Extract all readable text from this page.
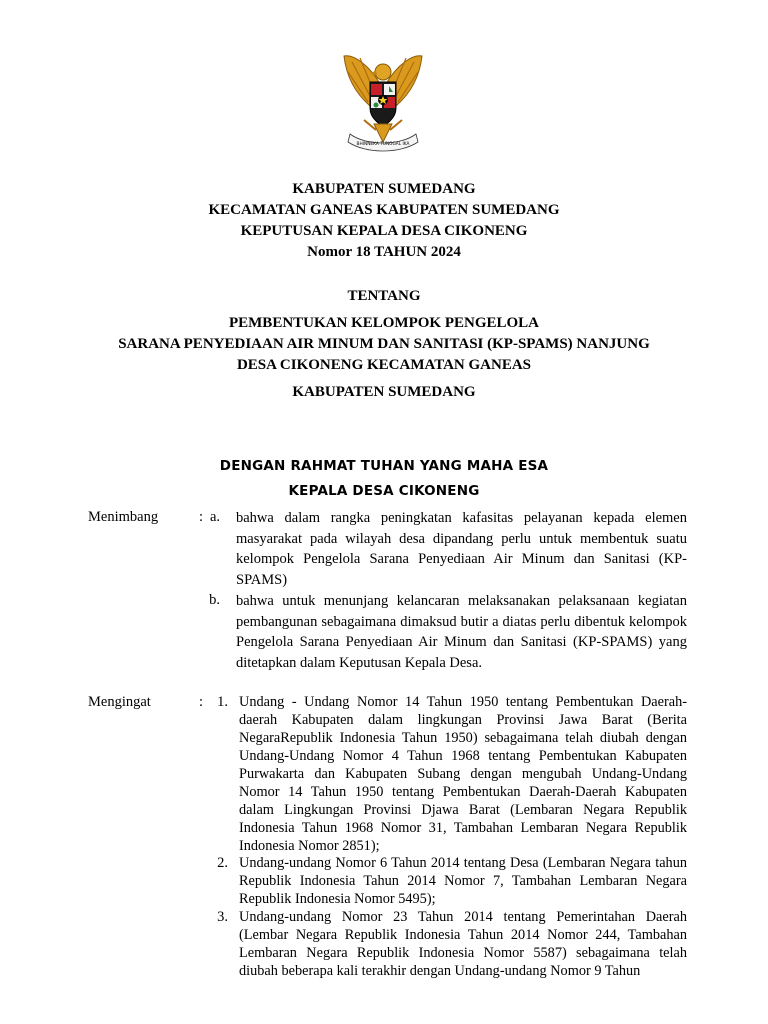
BHINNEKA TUNGGAL IKA
KABUPATEN SUMEDANG
KECAMATAN GANEAS KABUPATEN SUMEDANG
KEPUTUSAN KEPALA DESA CIKONENG
Nomor 18 TAHUN 2024
TENTANG
PEMBENTUKAN KELOMPOK PENGELOLA
SARANA PENYEDIAAN AIR MINUM DAN SANITASI (KP-SPAMS) NANJUNG
DESA CIKONENG KECAMATAN GANEAS
KABUPATEN SUMEDANG
DENGAN RAHMAT TUHAN YANG MAHA ESA
KEPALA DESA CIKONENG
Menimbang	: a. bahwa dalam rangka peningkatan kafasitas pelayanan kepada elemen masyarakat pada wilayah desa dipandang perlu untuk membentuk suatu kelompok Pengelola Sarana Penyediaan Air Minum dan Sanitasi (KP-SPAMS)
b. bahwa untuk menunjang kelancaran melaksanakan pelaksanaan kegiatan pembangunan sebagaimana dimaksud butir a diatas perlu dibentuk kelompok Pengelola Sarana Penyediaan Air Minum dan Sanitasi (KP-SPAMS) yang ditetapkan dalam Keputusan Kepala Desa.
Mengingat	: 1. Undang - Undang Nomor 14 Tahun 1950 tentang Pembentukan Daerah-daerah Kabupaten dalam lingkungan Provinsi Jawa Barat (Berita NegaraRepublik Indonesia Tahun 1950) sebagaimana telah diubah dengan Undang-Undang Nomor 4 Tahun 1968 tentang Pembentukan Kabupaten Purwakarta dan Kabupaten Subang dengan mengubah Undang-Undang Nomor 14 Tahun 1950 tentang Pembentukan Daerah-Daerah Kabupaten dalam Lingkungan Provinsi Djawa Barat (Lembaran Negara Republik Indonesia Tahun 1968 Nomor 31, Tambahan Lembaran Negara Republik Indonesia Nomor 2851);
2. Undang-undang Nomor 6 Tahun 2014 tentang Desa (Lembaran Negara tahun Republik Indonesia Tahun 2014 Nomor 7, Tambahan Lembaran Negara Republik Indonesia Nomor 5495);
3. Undang-undang Nomor 23 Tahun 2014 tentang Pemerintahan Daerah (Lembar Negara Republik Indonesia Tahun 2014 Nomor 244, Tambahan Lembaran Negara Republik Indonesia Nomor 5587) sebagaimana telah diubah beberapa kali terakhir dengan Undang-undang Nomor 9 Tahun
